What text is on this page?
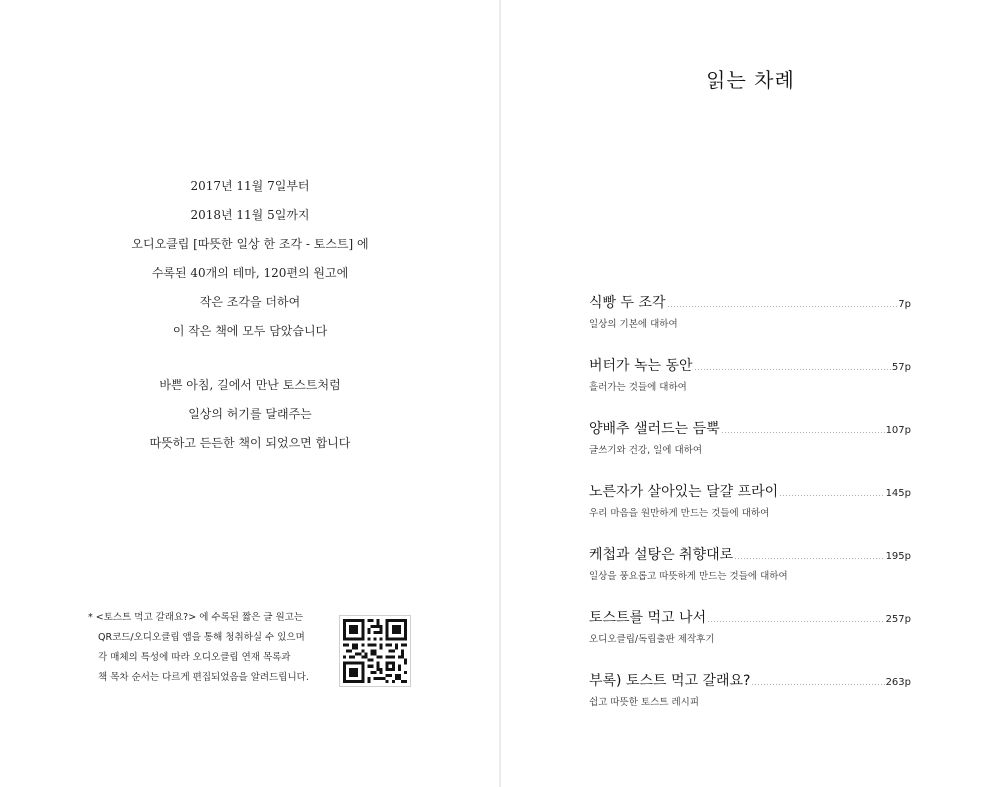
2017년 11월 7일부터
2018년 11월 5일까지
오디오클립 [따뜻한 일상 한 조각 - 토스트] 에
수록된 40개의 테마, 120편의 원고에
작은 조각을 더하여
이 작은 책에 모두 담았습니다
바쁜 아침, 길에서 만난 토스트처럼
일상의 허기를 달래주는
따뜻하고 든든한 책이 되었으면 합니다
* <토스트 먹고 갈래요?> 에 수록된 짧은 글 원고는
QR코드/오디오클립 앱을 통해 청취하실 수 있으며
각 매체의 특성에 따라 오디오클립 연재 목록과
책 목차 순서는 다르게 편집되었음을 알려드립니다.
읽는 차례
식빵 두 조각	7p
일상의 기본에 대하여
버터가 녹는 동안	57p
흘러가는 것들에 대하여
양배추 샐러드는 듬뿍	107p
글쓰기와 건강, 일에 대하여
노른자가 살아있는 달걀 프라이	145p
우리 마음을 원만하게 만드는 것들에 대하여
케첩과 설탕은 취향대로	195p
일상을 풍요롭고 따뜻하게 만드는 것들에 대하여
토스트를 먹고 나서	257p
오디오클립/독립출판 제작후기
부록) 토스트 먹고 갈래요?	263p
쉽고 따뜻한 토스트 레시피
